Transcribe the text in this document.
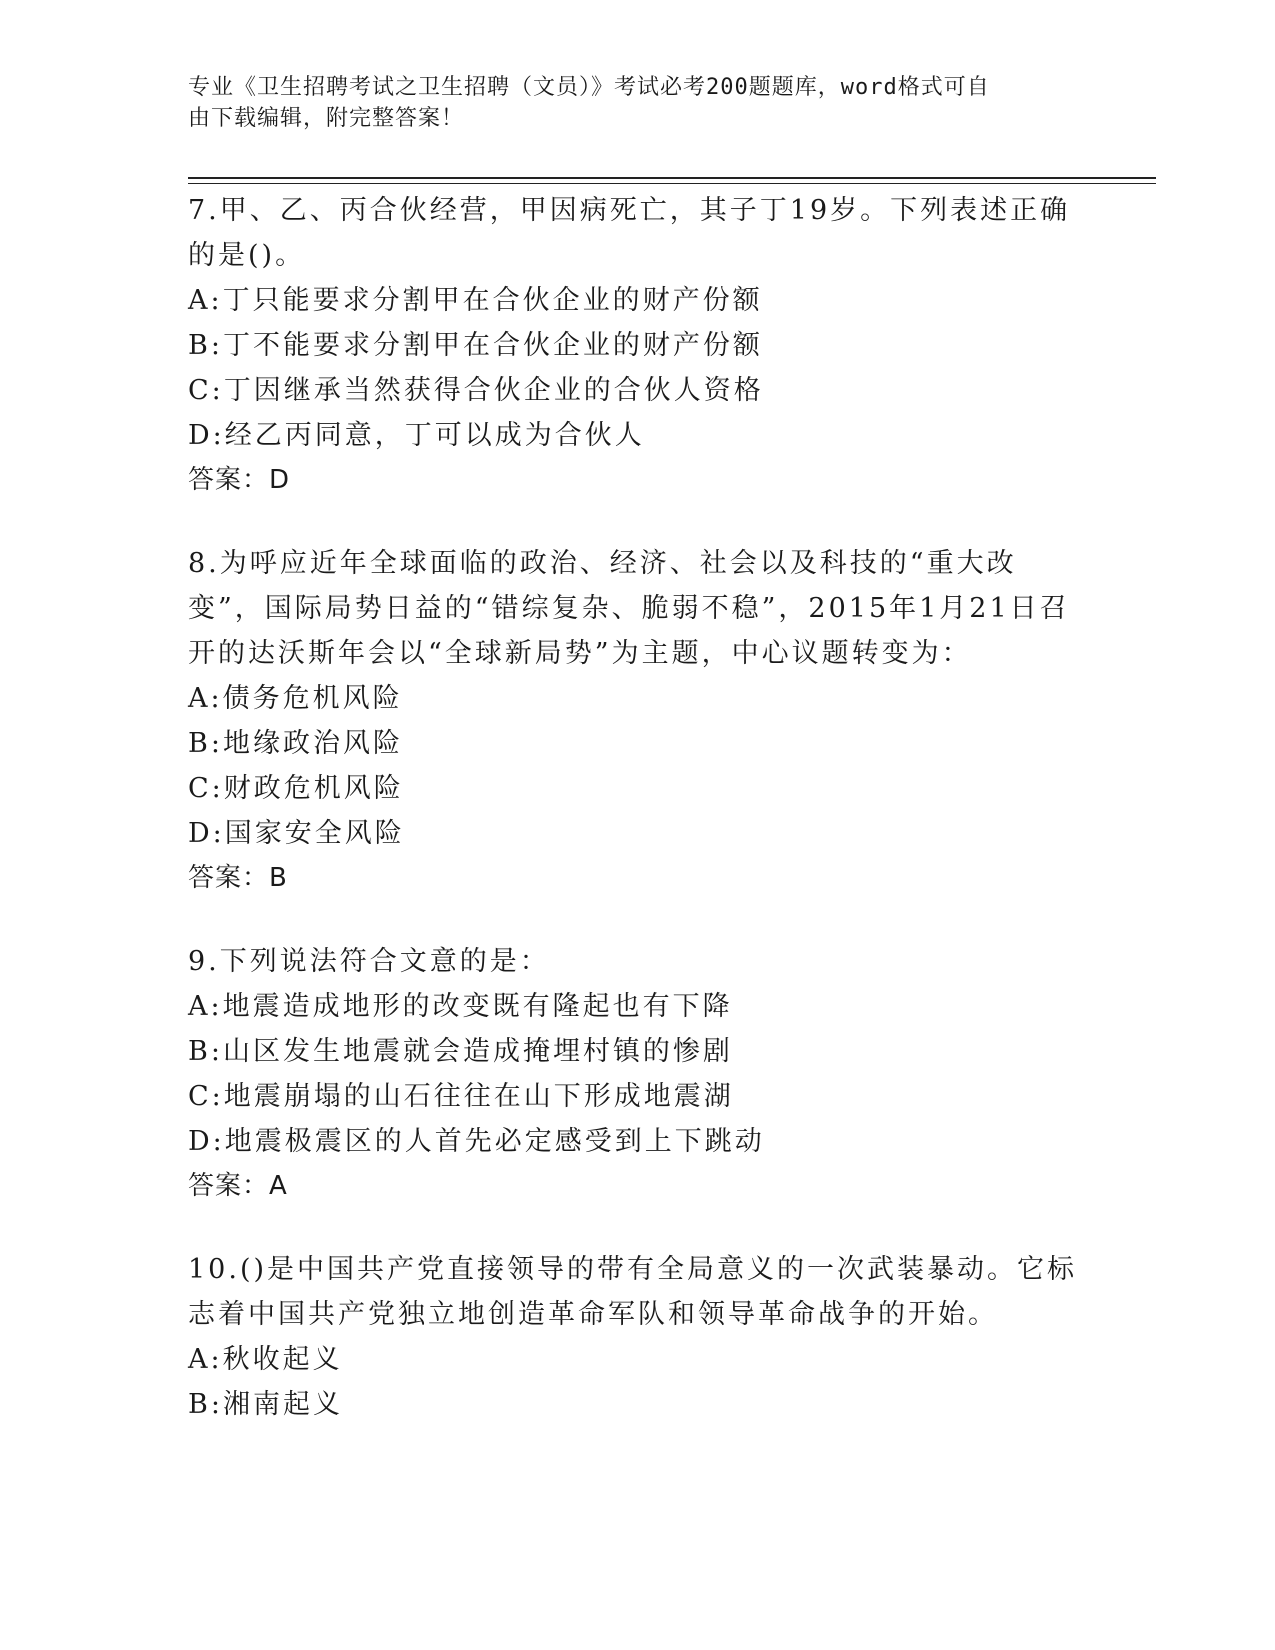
专业《卫生招聘考试之卫生招聘（文员）》考试必考200题题库，word格式可自
由下载编辑，附完整答案！
7.甲、乙、丙合伙经营，甲因病死亡，其子丁19岁。下列表述正确的是()。
A:丁只能要求分割甲在合伙企业的财产份额
B:丁不能要求分割甲在合伙企业的财产份额
C:丁因继承当然获得合伙企业的合伙人资格
D:经乙丙同意，丁可以成为合伙人
答案：D
8.为呼应近年全球面临的政治、经济、社会以及科技的“重大改变”，国际局势日益的“错综复杂、脆弱不稳”，2015年1月21日召开的达沃斯年会以“全球新局势”为主题，中心议题转变为：
A:债务危机风险
B:地缘政治风险
C:财政危机风险
D:国家安全风险
答案：B
9.下列说法符合文意的是：
A:地震造成地形的改变既有隆起也有下降
B:山区发生地震就会造成掩埋村镇的惨剧
C:地震崩塌的山石往往在山下形成地震湖
D:地震极震区的人首先必定感受到上下跳动
答案：A
10.()是中国共产党直接领导的带有全局意义的一次武装暴动。它标志着中国共产党独立地创造革命军队和领导革命战争的开始。
A:秋收起义
B:湘南起义
